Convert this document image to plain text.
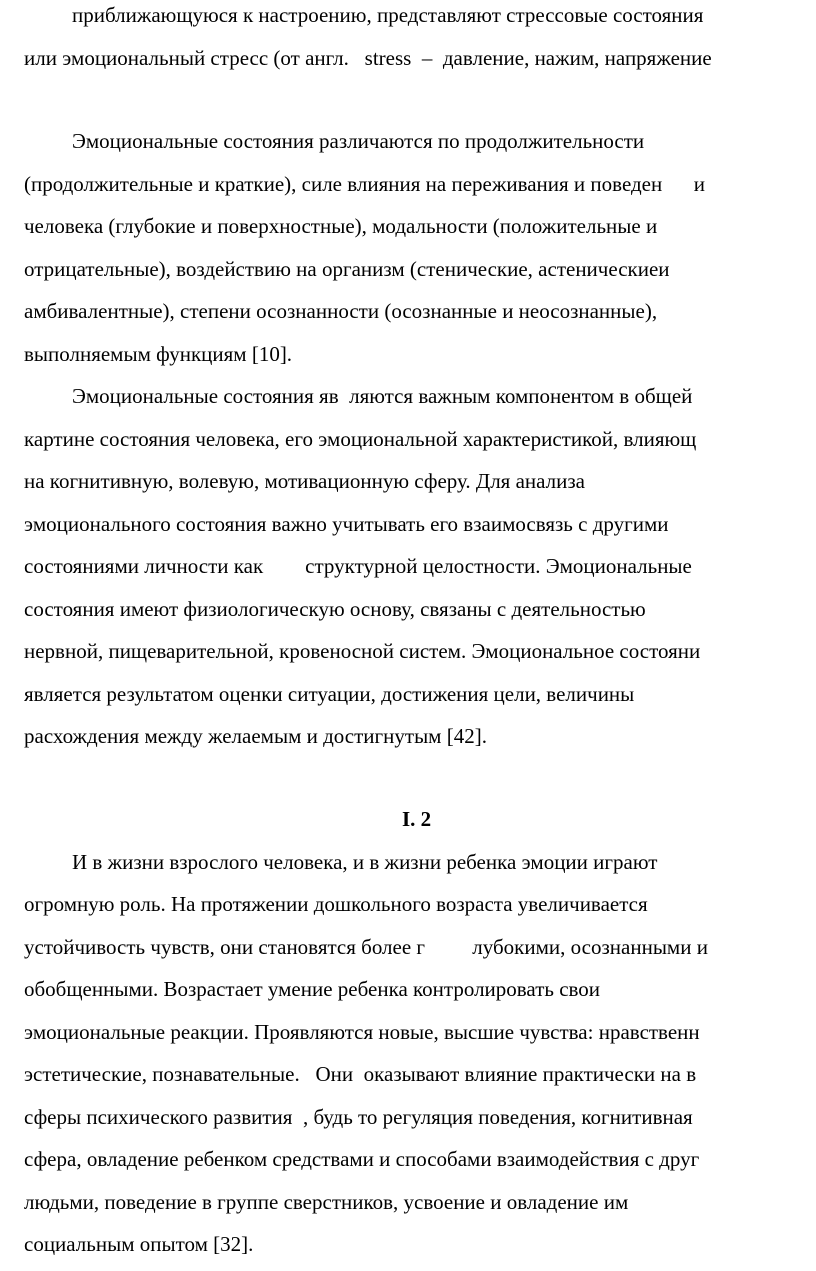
приближающуюся к настроению, представляют стрессовые состояния
или эмоциональный стресс (от англ.   stress  –  давление, нажим, напряжение
Эмоциональные состояния различаются по продолжительности
(продолжительные и краткие), силе влияния на переживания и поведен      и
человека (глубокие и поверхностные), модальности (положительные и
отрицательные), воздействию на организм (стенические, астеническиеи
амбивалентные), степени осознанности (осознанные и неосознанные),
выполняемым функциям [10].
Эмоциональные состояния яв  ляются важным компонентом в общей
картине состояния человека, его эмоциональной характеристикой, влияющ
на когнитивную, волевую, мотивационную сферу. Для анализа
эмоционального состояния важно учитывать его взаимосвязь с другими
состояниями личности как        структурной целостности. Эмоциональные
состояния имеют физиологическую основу, связаны с деятельностью
нервной, пищеварительной, кровеносной систем. Эмоциональное состояни
является результатом оценки ситуации, достижения цели, величины
расхождения между желаемым и достигнутым [42].
I. 2
И в жизни взрослого человека, и в жизни ребенка эмоции играют
огромную роль. На протяжении дошкольного возраста увеличивается
устойчивость чувств, они становятся более г         лубокими, осознанными и
обобщенными. Возрастает умение ребенка контролировать свои
эмоциональные реакции. Проявляются новые, высшие чувства: нравственн
эстетические, познавательные.   Они  оказывают влияние практически на в
сферы психического развития  , будь то регуляция поведения, когнитивная
сфера, овладение ребенком средствами и способами взаимодействия с друг
людьми, поведение в группе сверстников, усвоение и овладение им
социальным опытом [32].
